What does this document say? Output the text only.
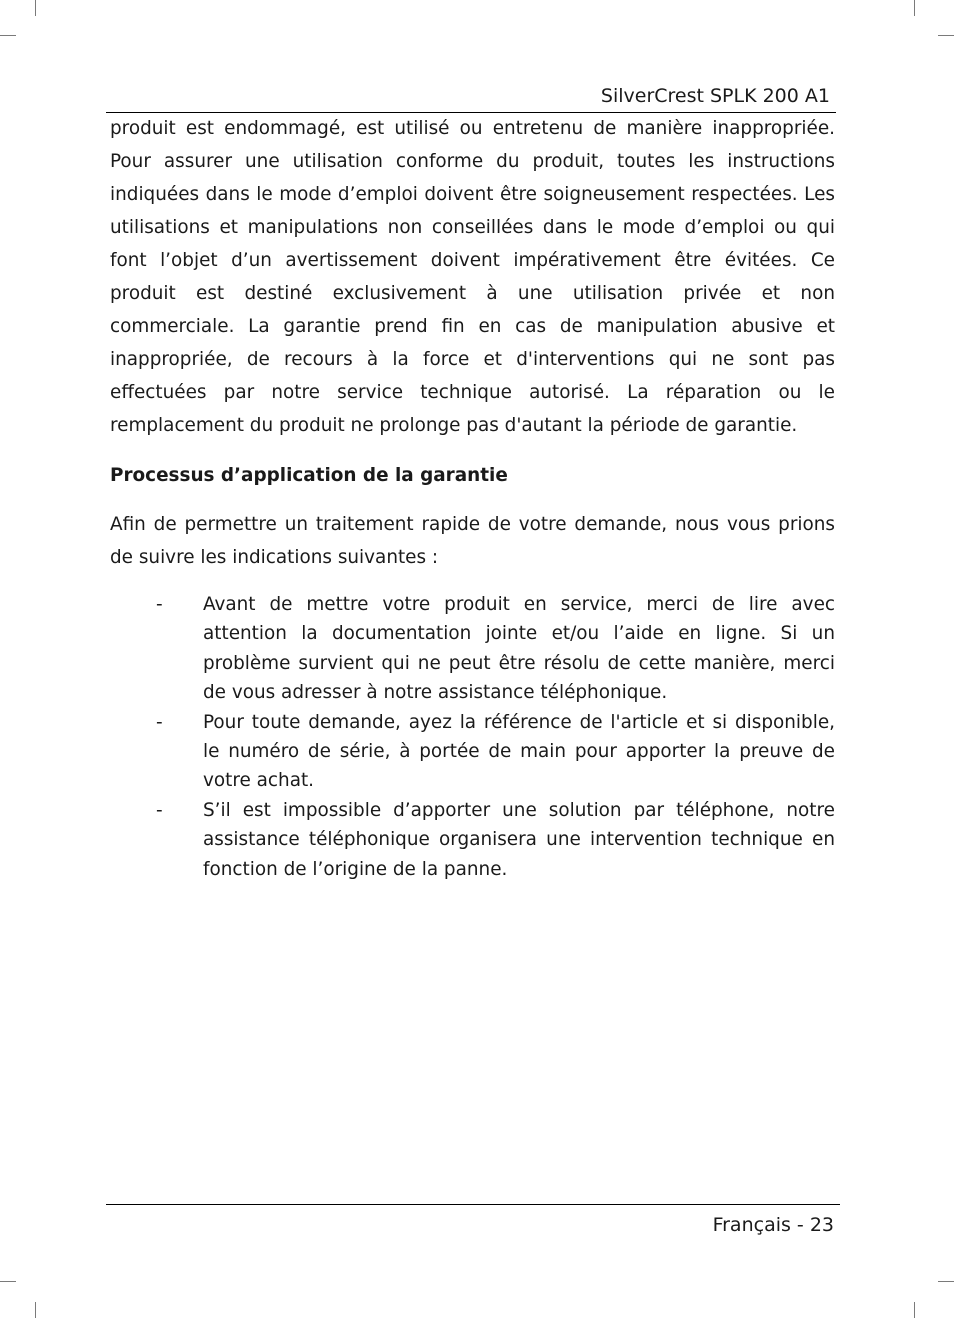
SilverCrest SPLK 200 A1

produit est endommagé, est utilisé ou entretenu de manière inappropriée. Pour assurer une utilisation conforme du produit, toutes les instructions indiquées dans le mode d’emploi doivent être soigneusement respectées. Les utilisations et manipulations non conseillées dans le mode d’emploi ou qui font l’objet d’un avertissement doivent impérativement être évitées. Ce produit est destiné exclusivement à une utilisation privée et non commerciale. La garantie prend fin en cas de manipulation abusive et inappropriée, de recours à la force et d'interventions qui ne sont pas effectuées par notre service technique autorisé. La réparation ou le remplacement du produit ne prolonge pas d'autant la période de garantie.

Processus d’application de la garantie

Afin de permettre un traitement rapide de votre demande, nous vous prions de suivre les indications suivantes :

- Avant de mettre votre produit en service, merci de lire avec attention la documentation jointe et/ou l’aide en ligne. Si un problème survient qui ne peut être résolu de cette manière, merci de vous adresser à notre assistance téléphonique.
- Pour toute demande, ayez la référence de l'article et si disponible, le numéro de série, à portée de main pour apporter la preuve de votre achat.
- S’il est impossible d’apporter une solution par téléphone, notre assistance téléphonique organisera une intervention technique en fonction de l’origine de la panne.
Français - 23
